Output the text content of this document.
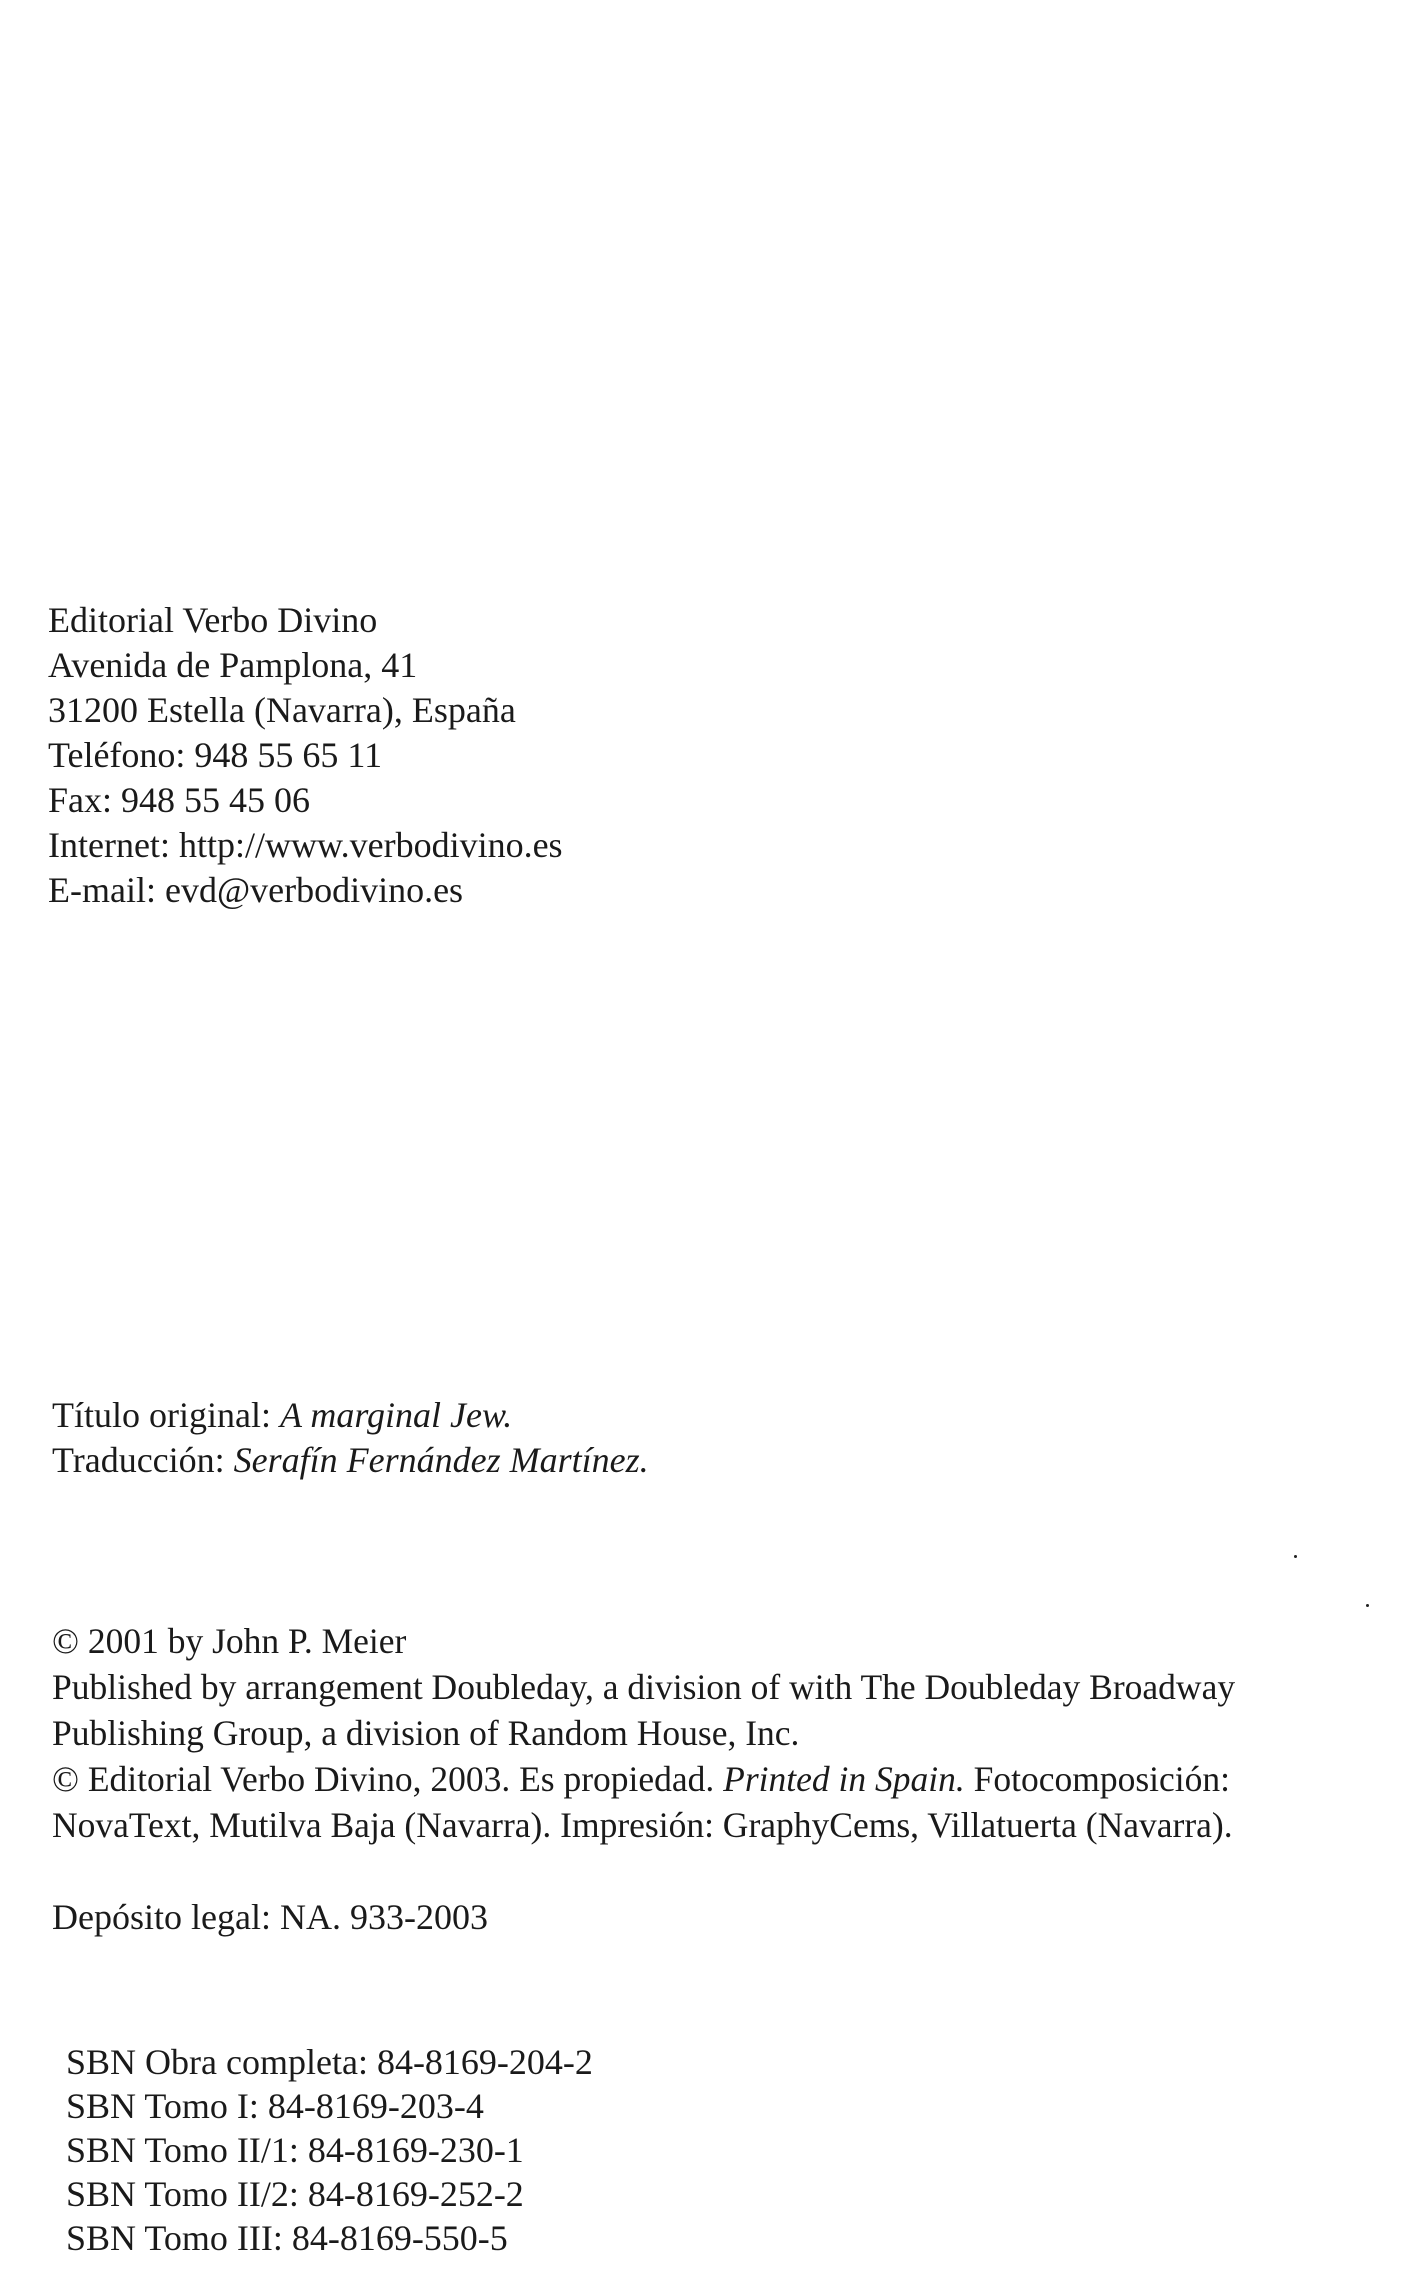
Editorial Verbo Divino
Avenida de Pamplona, 41
31200 Estella (Navarra), España
Teléfono: 948 55 65 11
Fax: 948 55 45 06
Internet: http://www.verbodivino.es
E-mail: evd@verbodivino.es
Título original: A marginal Jew.
Traducción: Serafín Fernández Martínez.
© 2001 by John P. Meier
Published by arrangement Doubleday, a division of with The Doubleday Broadway
Publishing Group, a division of Random House, Inc.
© Editorial Verbo Divino, 2003. Es propiedad. Printed in Spain. Fotocomposición:
NovaText, Mutilva Baja (Navarra). Impresión: GraphyCems, Villatuerta (Navarra).
Depósito legal: NA. 933-2003
SBN Obra completa: 84-8169-204-2
SBN Tomo I: 84-8169-203-4
SBN Tomo II/1: 84-8169-230-1
SBN Tomo II/2: 84-8169-252-2
SBN Tomo III: 84-8169-550-5
